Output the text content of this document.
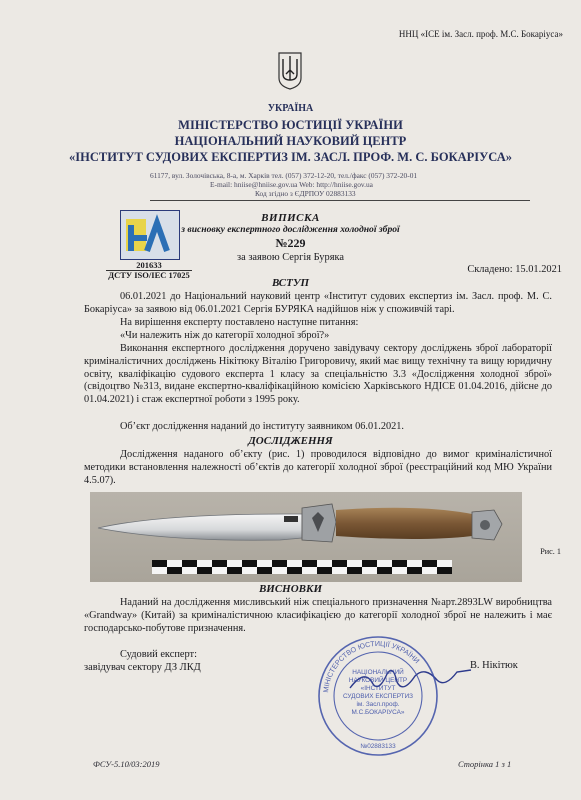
ННЦ «ІСЕ ім. Засл. проф. М.С. Бокаріуса»
УКРАЇНА
МІНІСТЕРСТВО ЮСТИЦІЇ УКРАЇНИ
НАЦІОНАЛЬНИЙ НАУКОВИЙ ЦЕНТР
«ІНСТИТУТ СУДОВИХ ЕКСПЕРТИЗ ІМ. ЗАСЛ. ПРОФ. М. С. БОКАРІУСА»
61177, вул. Золочівська, 8-а, м. Харків тел. (057) 372-12-20, тел./факс (057) 372-20-01
E-mail: hniise@hniise.gov.ua Web: http://hniise.gov.ua
Код згідно з ЄДРПОУ 02883133
201633
ДСТУ ISO/IEC 17025
ВИПИСКА
з висновку експертного дослідження холодної зброї
№229
за заявою Сергія Буряка
Складено: 15.01.2021
ВСТУП
06.01.2021 до Національний науковий центр «Інститут судових експертиз ім. Засл. проф. М. С. Бокаріуса» за заявою від 06.01.2021 Сергія БУРЯКА надійшов ніж у споживчій тарі.
На вирішення експерту поставлено наступне питання:
«Чи належить ніж до категорії холодної зброї?»
Виконання експертного дослідження доручено завідувачу сектору досліджень зброї лабораторії криміналістичних досліджень Нікітюку Віталію Григоровичу, який має вищу технічну та вищу юридичну освіту, кваліфікацію судового експерта 1 класу за спеціальністю 3.3 «Дослідження холодної зброї» (свідоцтво №313, видане експертно-кваліфікаційною комісією Харківського НДІСЕ 01.04.2016, дійсне до 01.04.2021) і стаж експертної роботи з 1995 року.
Об’єкт дослідження наданий до інституту заявником 06.01.2021.
ДОСЛІДЖЕННЯ
Дослідження наданого об’єкту (рис. 1) проводилося відповідно до вимог криміналістичної методики встановлення належності об’єктів до категорії холодної зброї (реєстраційний код МЮ України 4.5.07).
Рис. 1
ВИСНОВКИ
Наданий на дослідження мисливський ніж спеціального призначення №арт.2893LW виробництва «Grandway» (Китай) за криміналістичною класифікацією до категорії холодної зброї не належить і має господарсько-побутове призначення.
Судовий експерт:
завідувач сектору ДЗ ЛКД	В. Нікітюк
МІНІСТЕРСТВО ЮСТИЦІЇ УКРАЇНИ
НАЦІОНАЛЬНИЙ
НАУКОВИЙ ЦЕНТР
«ІНСТИТУТ
СУДОВИХ ЕКСПЕРТИЗ
ім. Засл.проф.
М.С.БОКАРІУСА»
№02883133
ФСУ-5.10/03:2019	Сторінка 1 з 1
